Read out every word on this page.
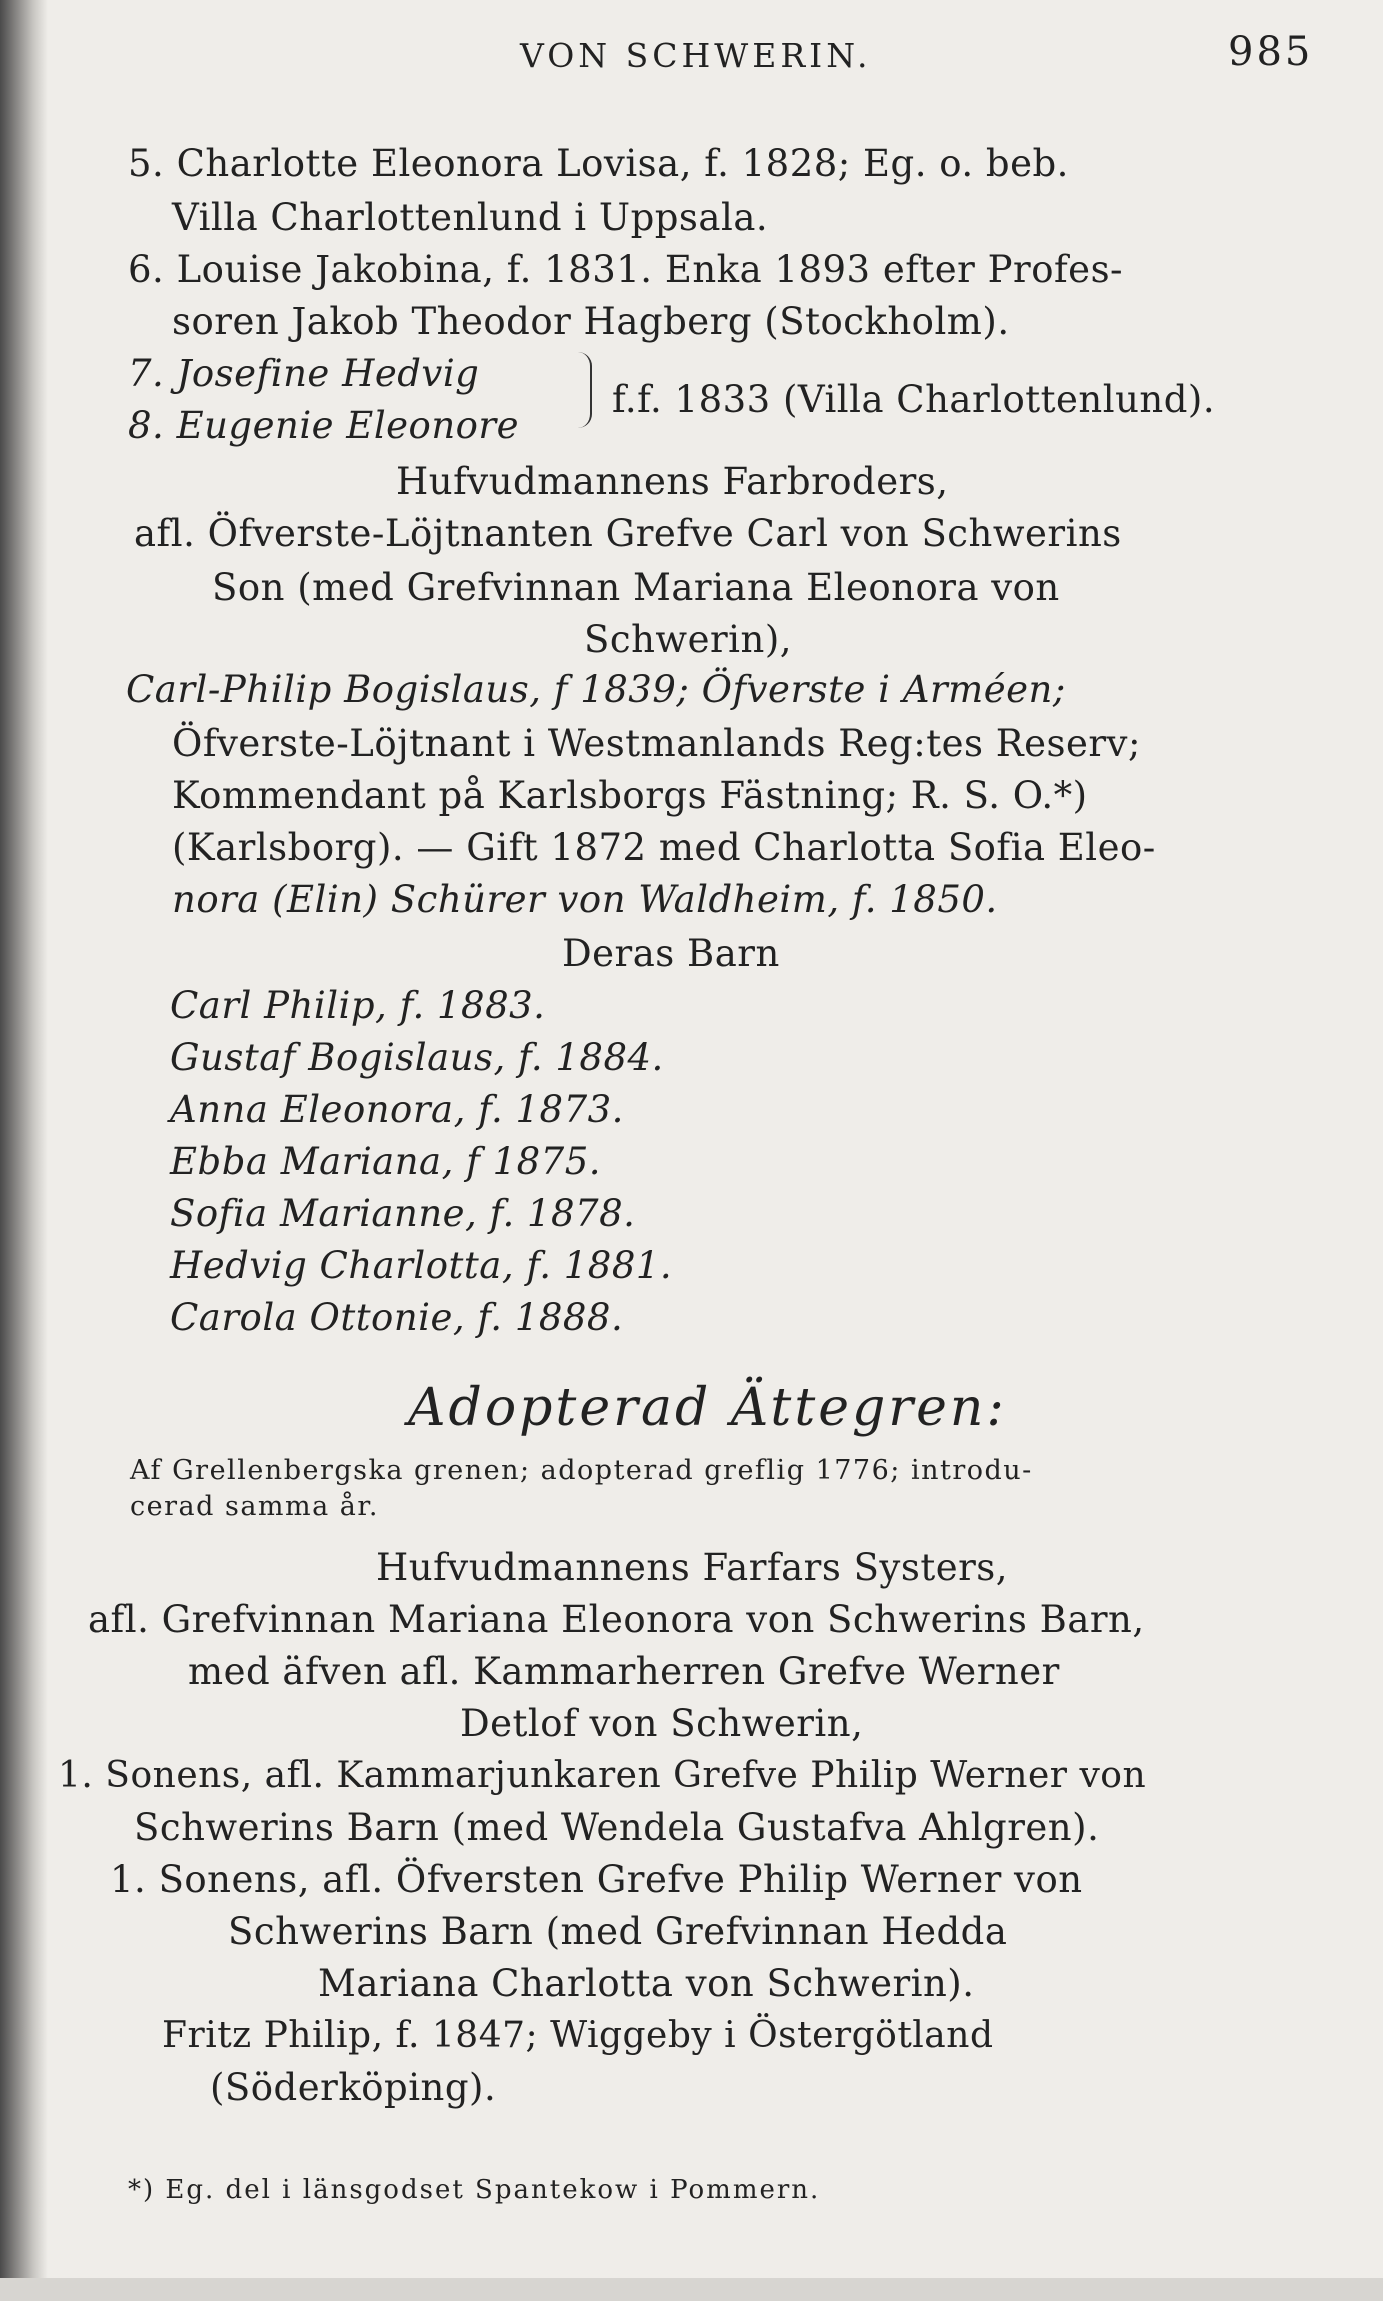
VON SCHWERIN.	985
5. Charlotte Eleonora Lovisa, f. 1828; Eg. o. beb.
Villa Charlottenlund i Uppsala.
6. Louise Jakobina, f. 1831. Enka 1893 efter Profes-
soren Jakob Theodor Hagberg (Stockholm).
7. Josefine Hedvig
8. Eugenie Eleonore
f.f. 1833 (Villa Charlottenlund).
Hufvudmannens Farbroders,
afl. Öfverste-Löjtnanten Grefve Carl von Schwerins
Son (med Grefvinnan Mariana Eleonora von
Schwerin),
Carl-Philip Bogislaus, f 1839; Öfverste i Arméen;
Öfverste-Löjtnant i Westmanlands Reg:tes Reserv;
Kommendant på Karlsborgs Fästning; R. S. O.*)
(Karlsborg). — Gift 1872 med Charlotta Sofia Eleo-
nora (Elin) Schürer von Waldheim, f. 1850.
Deras Barn
Carl Philip, f. 1883.
Gustaf Bogislaus, f. 1884.
Anna Eleonora, f. 1873.
Ebba Mariana, f 1875.
Sofia Marianne, f. 1878.
Hedvig Charlotta, f. 1881.
Carola Ottonie, f. 1888.
Adopterad Ättegren:
Af Grellenbergska grenen; adopterad greflig 1776; introdu-
cerad samma år.
Hufvudmannens Farfars Systers,
afl. Grefvinnan Mariana Eleonora von Schwerins Barn,
med äfven afl. Kammarherren Grefve Werner
Detlof von Schwerin,
1. Sonens, afl. Kammarjunkaren Grefve Philip Werner von
Schwerins Barn (med Wendela Gustafva Ahlgren).
1. Sonens, afl. Öfversten Grefve Philip Werner von
Schwerins Barn (med Grefvinnan Hedda
Mariana Charlotta von Schwerin).
Fritz Philip, f. 1847; Wiggeby i Östergötland
(Söderköping).
*) Eg. del i länsgodset Spantekow i Pommern.
